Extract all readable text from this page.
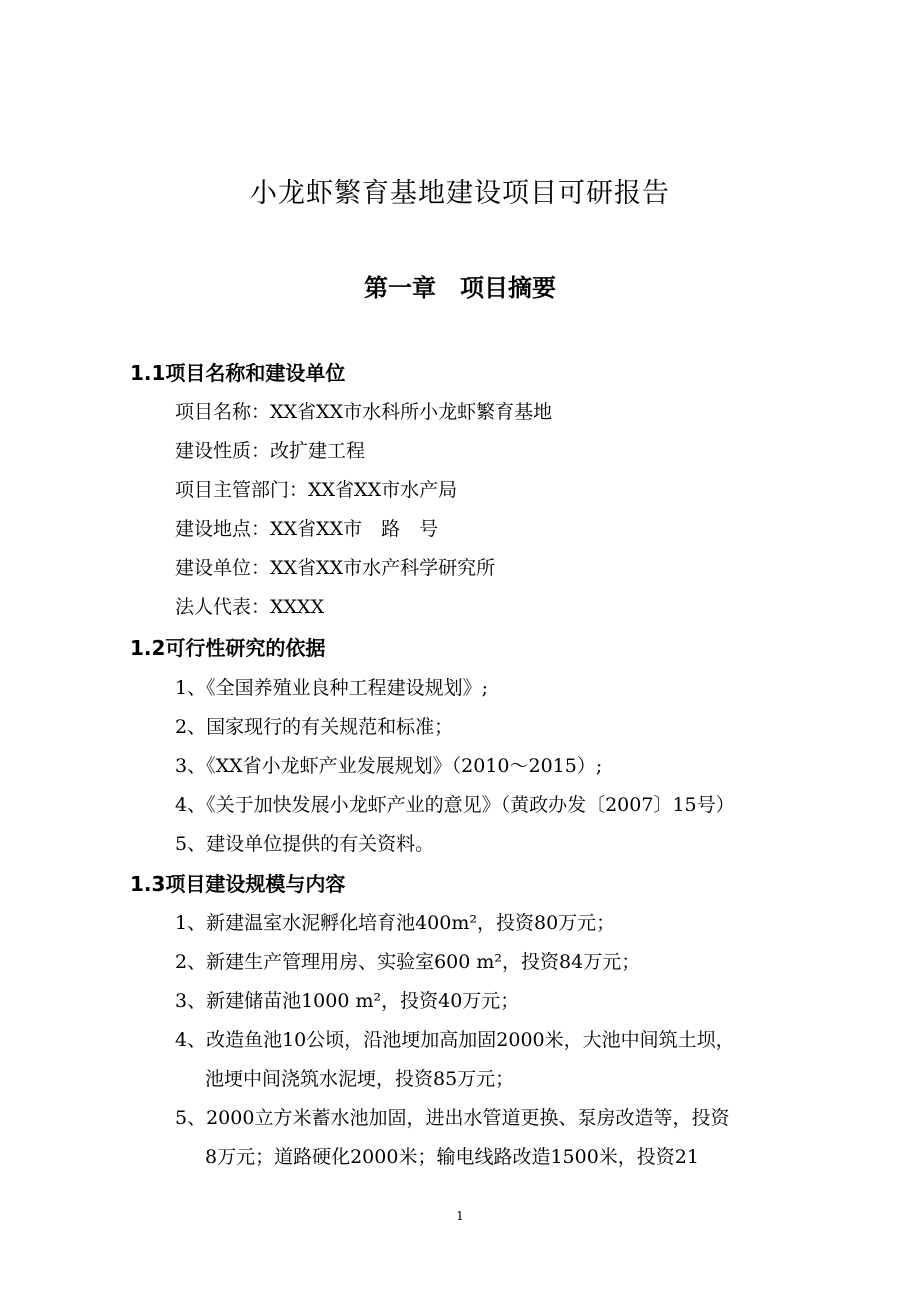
小龙虾繁育基地建设项目可研报告
第一章 项目摘要
1.1项目名称和建设单位
项目名称：XX省XX市水科所小龙虾繁育基地
建设性质：改扩建工程
项目主管部门：XX省XX市水产局
建设地点：XX省XX市　路　号
建设单位：XX省XX市水产科学研究所
法人代表：XXXX
1.2可行性研究的依据
1、《全国养殖业良种工程建设规划》;
2、国家现行的有关规范和标准；
3、《XX省小龙虾产业发展规划》（2010～2015）;
4、《关于加快发展小龙虾产业的意见》（黄政办发〔2007〕15号）
5、建设单位提供的有关资料。
1.3项目建设规模与内容
1、新建温室水泥孵化培育池400m²，投资80万元；
2、新建生产管理用房、实验室600 m²，投资84万元；
3、新建储苗池1000 m²，投资40万元；
4、改造鱼池10公顷，沿池埂加高加固2000米，大池中间筑土坝，
池埂中间浇筑水泥埂，投资85万元；
5、2000立方米蓄水池加固，进出水管道更换、泵房改造等，投资
8万元；道路硬化2000米；输电线路改造1500米，投资21
1
